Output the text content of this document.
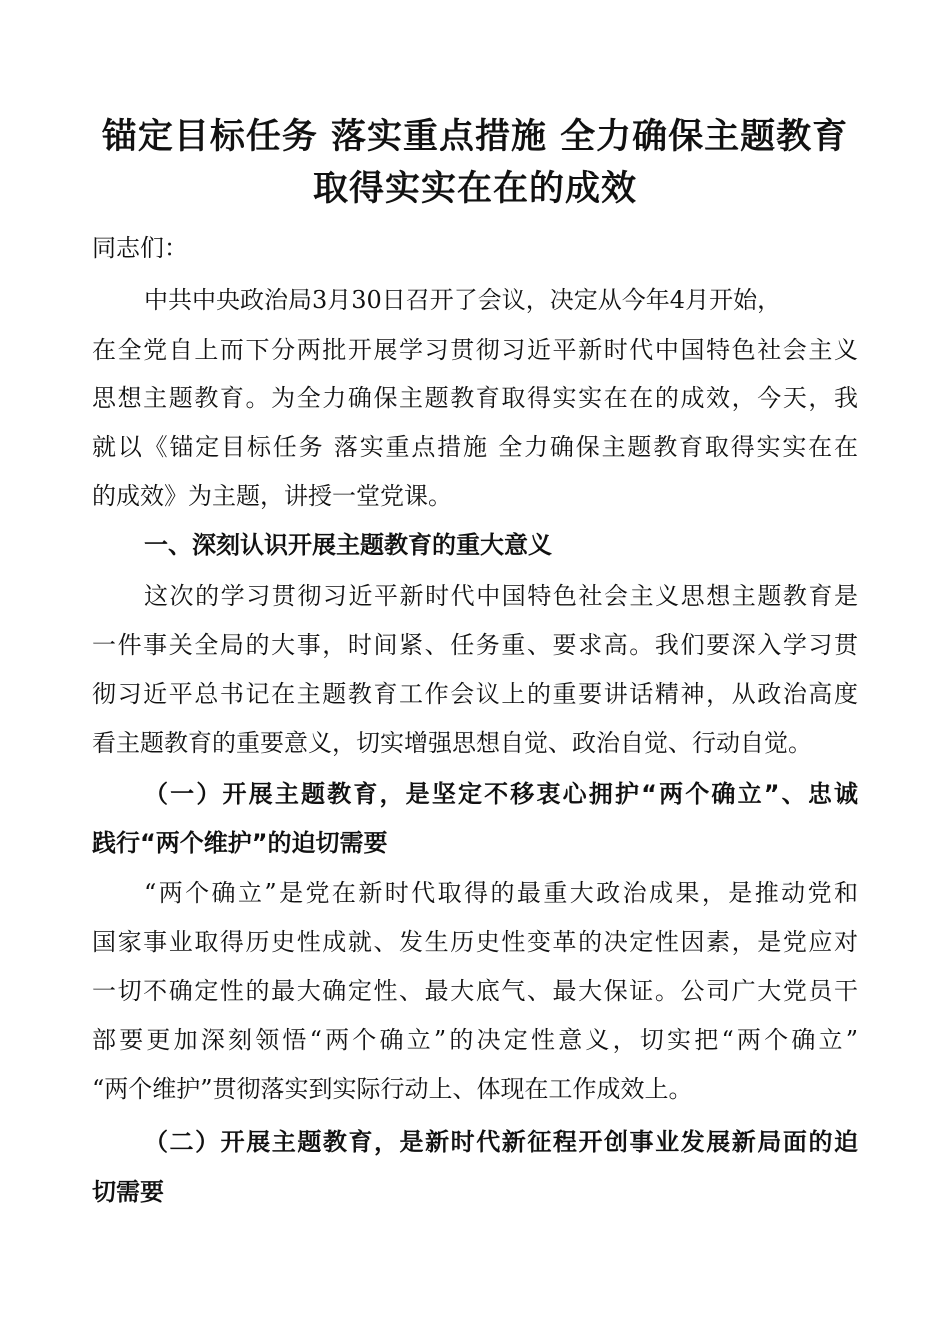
锚定目标任务 落实重点措施 全力确保主题教育
取得实实在在的成效

同志们：

中共中央政治局3月30日召开了会议，决定从今年4月开始，

在全党自上而下分两批开展学习贯彻习近平新时代中国特色社会主义

思想主题教育。为全力确保主题教育取得实实在在的成效，今天，我

就以《锚定目标任务 落实重点措施 全力确保主题教育取得实实在在

的成效》为主题，讲授一堂党课。

一、深刻认识开展主题教育的重大意义

这次的学习贯彻习近平新时代中国特色社会主义思想主题教育是

一件事关全局的大事，时间紧、任务重、要求高。我们要深入学习贯

彻习近平总书记在主题教育工作会议上的重要讲话精神，从政治高度

看主题教育的重要意义，切实增强思想自觉、政治自觉、行动自觉。

（一）开展主题教育，是坚定不移衷心拥护“两个确立”、忠诚

践行“两个维护”的迫切需要

“两个确立”是党在新时代取得的最重大政治成果，是推动党和

国家事业取得历史性成就、发生历史性变革的决定性因素，是党应对

一切不确定性的最大确定性、最大底气、最大保证。公司广大党员干

部要更加深刻领悟“两个确立”的决定性意义，切实把“两个确立”

“两个维护”贯彻落实到实际行动上、体现在工作成效上。

（二）开展主题教育，是新时代新征程开创事业发展新局面的迫

切需要
